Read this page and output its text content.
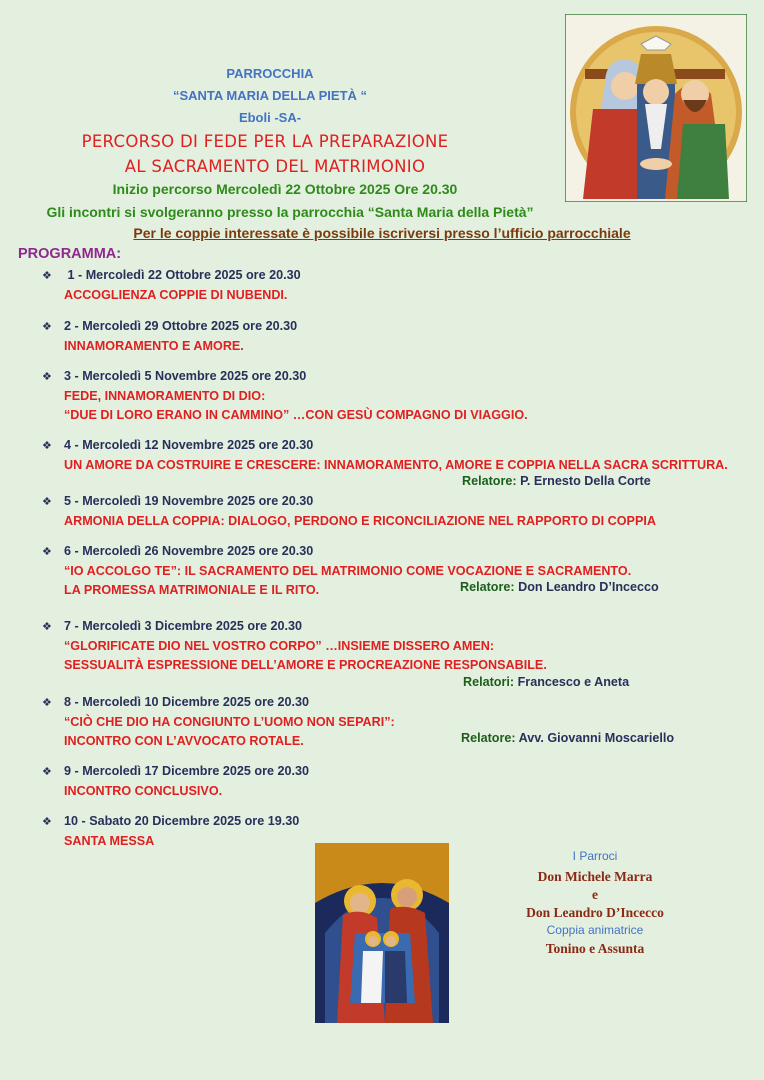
PARROCCHIA
“SANTA MARIA DELLA PIETÀ “
Eboli -SA-
PERCORSO DI FEDE PER LA PREPARAZIONE
AL SACRAMENTO DEL MATRIMONIO
Inizio percorso Mercoledì 22 Ottobre 2025 Ore 20.30
Gli incontri si svolgeranno presso la parrocchia “Santa Maria della Pietà”
Per le coppie interessate è possibile iscriversi presso l’ufficio parrocchiale
PROGRAMMA:
❖ 1 - Mercoledì 22 Ottobre 2025 ore 20.30
ACCOGLIENZA COPPIE DI NUBENDI.
❖ 2 - Mercoledì 29 Ottobre 2025 ore 20.30
INNAMORAMENTO E AMORE.
❖ 3 - Mercoledì 5 Novembre 2025 ore 20.30
FEDE, INNAMORAMENTO DI DIO:
“DUE DI LORO ERANO IN CAMMINO” …CON GESÙ COMPAGNO DI VIAGGIO.
❖ 4 - Mercoledì 12 Novembre 2025 ore 20.30
UN AMORE DA COSTRUIRE E CRESCERE: INNAMORAMENTO, AMORE E COPPIA NELLA SACRA SCRITTURA.
Relatore: P. Ernesto Della Corte
❖ 5 - Mercoledì 19 Novembre 2025 ore 20.30
ARMONIA DELLA COPPIA: DIALOGO, PERDONO E RICONCILIAZIONE NEL RAPPORTO DI COPPIA
❖ 6 - Mercoledì 26 Novembre 2025 ore 20.30
“IO ACCOLGO TE”: IL SACRAMENTO DEL MATRIMONIO COME VOCAZIONE E SACRAMENTO.
LA PROMESSA MATRIMONIALE E IL RITO.	Relatore: Don Leandro D’Incecco
❖ 7 - Mercoledì 3 Dicembre 2025 ore 20.30
“GLORIFICATE DIO NEL VOSTRO CORPO” …INSIEME DISSERO AMEN:
SESSUALITÀ ESPRESSIONE DELL’AMORE E PROCREAZIONE RESPONSABILE.
Relatori: Francesco e Aneta
❖ 8 - Mercoledì 10 Dicembre 2025 ore 20.30
“CIÒ CHE DIO HA CONGIUNTO L’UOMO NON SEPARI”:
INCONTRO CON L’AVVOCATO ROTALE.	Relatore: Avv. Giovanni Moscariello
❖ 9 - Mercoledì 17 Dicembre 2025 ore 20.30
INCONTRO CONCLUSIVO.
❖ 10 - Sabato 20 Dicembre 2025 ore 19.30
SANTA MESSA
I Parroci
Don Michele Marra
e
Don Leandro D’Incecco
Coppia animatrice
Tonino e Assunta
